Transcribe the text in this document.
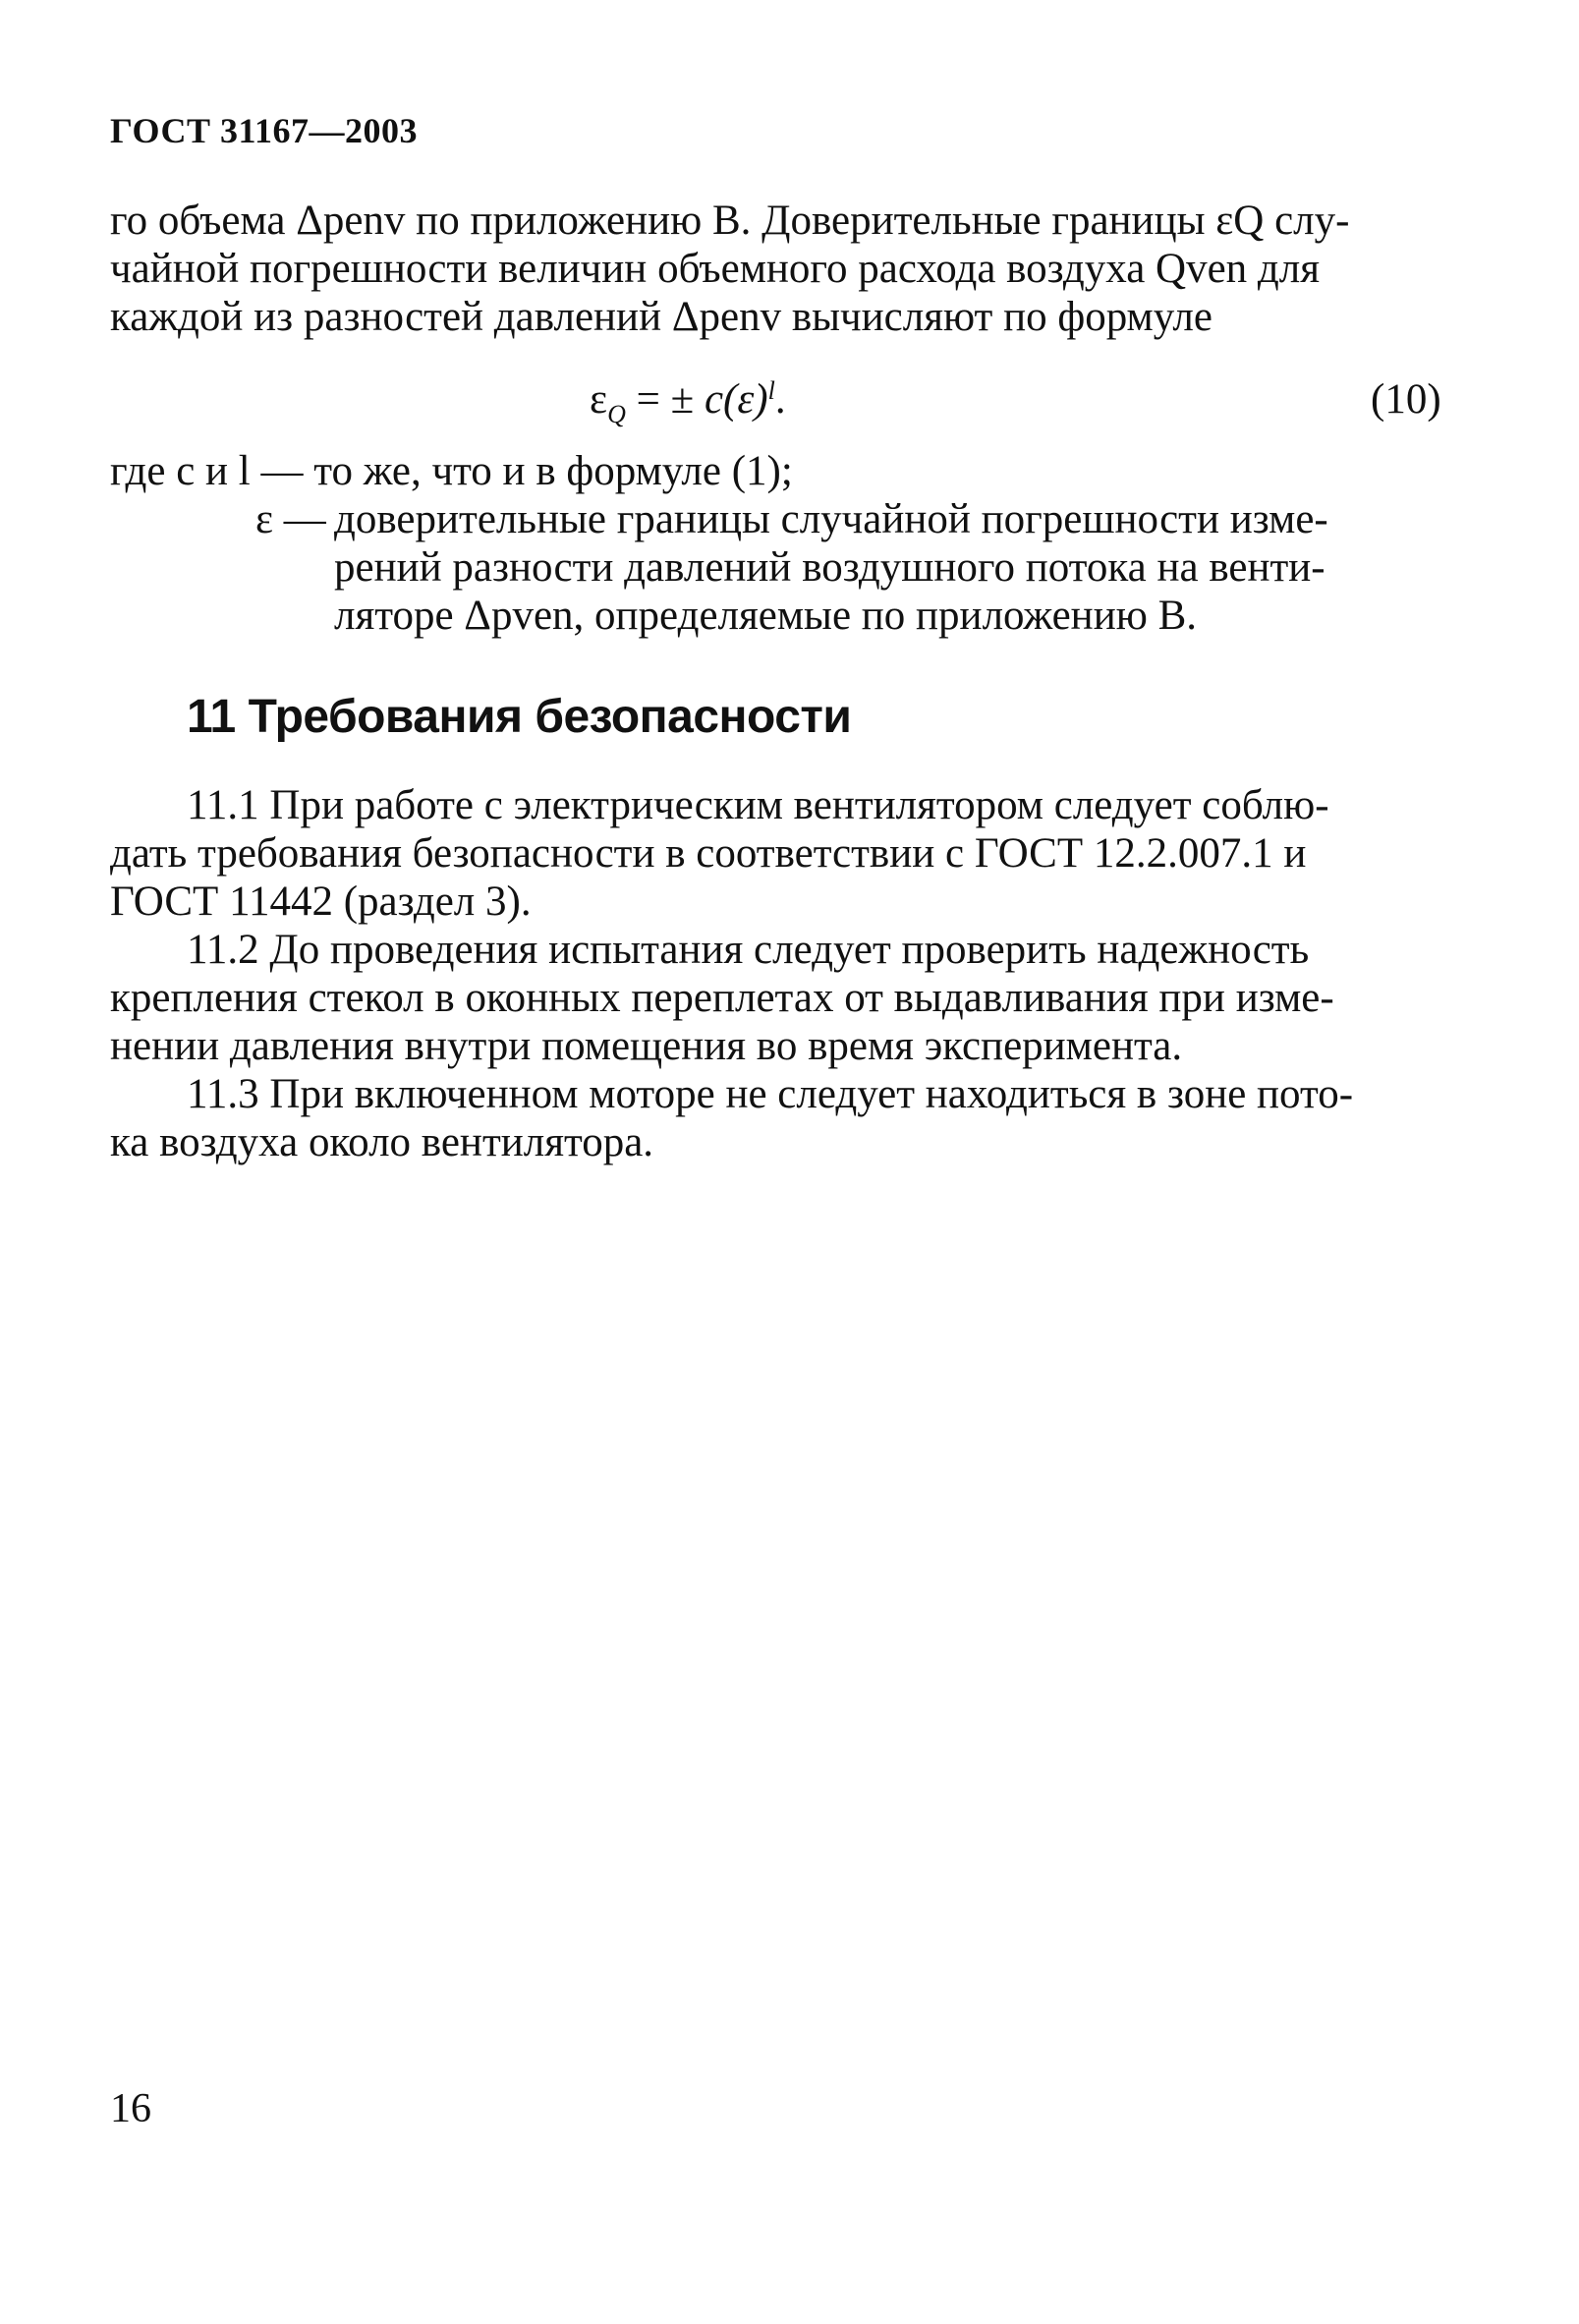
ГОСТ 31167—2003
го объема Δpenv по приложению В. Доверительные границы εQ слу-
чайной погрешности величин объемного расхода воздуха Qven для
каждой из разностей давлений Δpenv вычисляют по формуле
$\varepsilon_Q$ = ± $c(\varepsilon)^l$.	(10)
где c и l — то же, что и в формуле (1);
ε — доверительные границы случайной погрешности изме-
рений разности давлений воздушного потока на венти-
ляторе Δpven, определяемые по приложению В.
11 Требования безопасности
11.1 При работе с электрическим вентилятором следует соблю-
дать требования безопасности в соответствии с ГОСТ 12.2.007.1 и
ГОСТ 11442 (раздел 3).
11.2 До проведения испытания следует проверить надежность
крепления стекол в оконных переплетах от выдавливания при изме-
нении давления внутри помещения во время эксперимента.
11.3 При включенном моторе не следует находиться в зоне пото-
ка воздуха около вентилятора.
16
